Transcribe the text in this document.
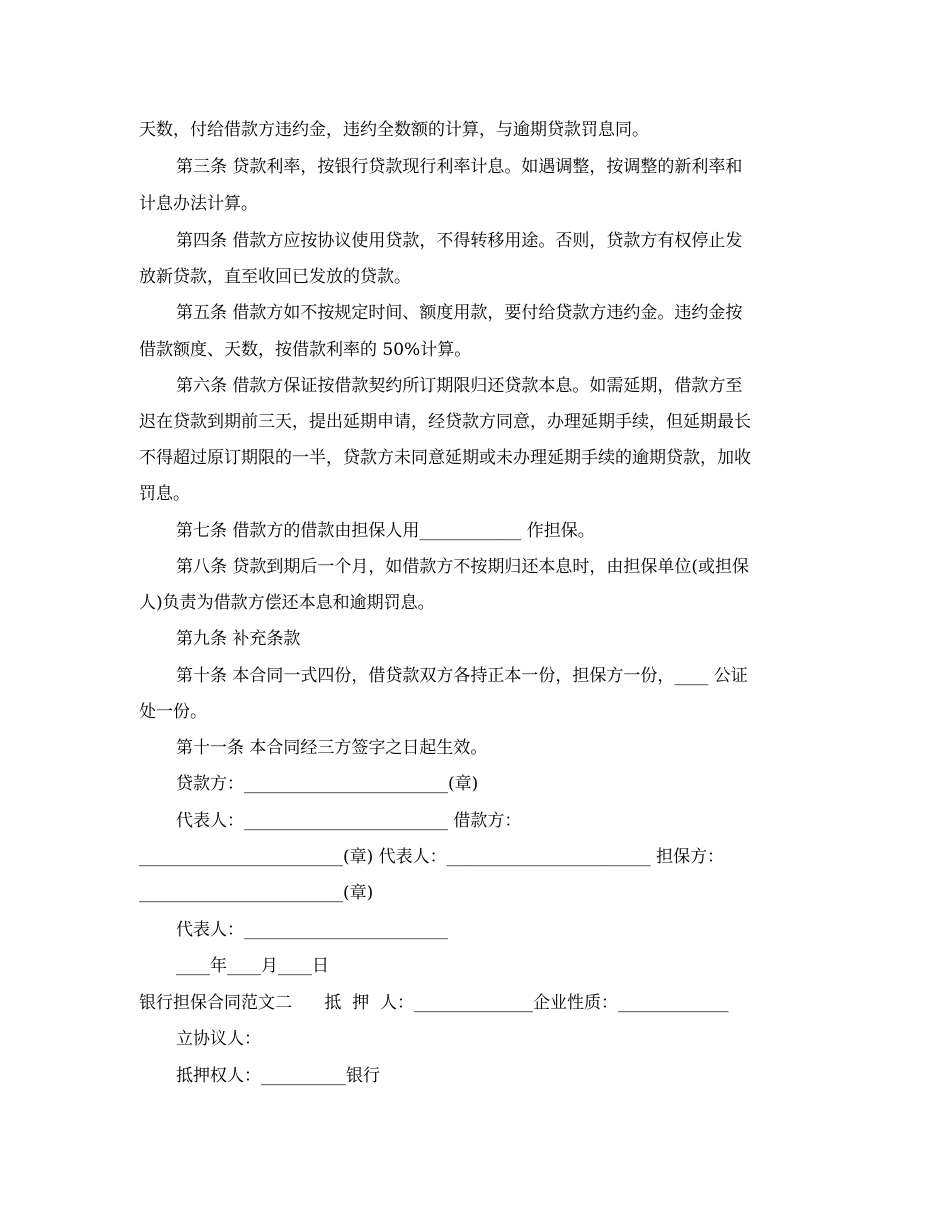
天数，付给借款方违约金，违约全数额的计算，与逾期贷款罚息同。
第三条 贷款利率，按银行贷款现行利率计息。如遇调整，按调整的新利率和
计息办法计算。
第四条 借款方应按协议使用贷款，不得转移用途。否则，贷款方有权停止发
放新贷款，直至收回已发放的贷款。
第五条 借款方如不按规定时间、额度用款，要付给贷款方违约金。违约金按
借款额度、天数，按借款利率的 50%计算。
第六条 借款方保证按借款契约所订期限归还贷款本息。如需延期，借款方至
迟在贷款到期前三天，提出延期申请，经贷款方同意，办理延期手续，但延期最长
不得超过原订期限的一半，贷款方未同意延期或未办理延期手续的逾期贷款，加收
罚息。
第七条 借款方的借款由担保人用____________ 作担保。
第八条 贷款到期后一个月，如借款方不按期归还本息时，由担保单位(或担保
人)负责为借款方偿还本息和逾期罚息。
第九条 补充条款
第十条 本合同一式四份，借贷款双方各持正本一份，担保方一份，____ 公证
处一份。
第十一条 本合同经三方签字之日起生效。
贷款方：________________________(章)
代表人：________________________ 借款方：
________________________(章) 代表人：________________________ 担保方：
________________________(章)
代表人：________________________
____年____月____日
银行担保合同范文二      抵  押  人：______________企业性质：_____________
立协议人：
抵押权人：__________银行
